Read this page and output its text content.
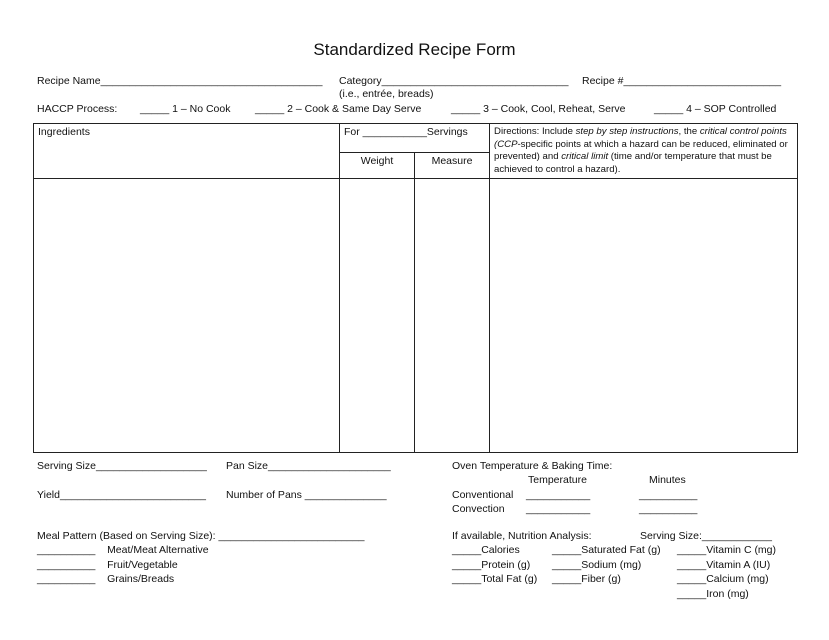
Standardized Recipe Form
Recipe Name______________________________________ Category________________________________
(i.e., entrée, breads)
Recipe #___________________________
HACCP Process: _____ 1 – No Cook _____ 2 – Cook & Same Day Serve	_____ 3 – Cook, Cool, Reheat, Serve	_____ 4 – SOP Controlled
Ingredients	For ___________Servings		Directions: Include step by step instructions, the critical control points (CCP-specific points at which a hazard can be reduced, eliminated or prevented) and critical limit (time and/or temperature that must be achieved to control a hazard).
	Weight	Measure	

Serving Size___________________ Pan Size_____________________
Yield_________________________ Number of Pans ______________
Meal Pattern (Based on Serving Size): _________________________
__________    Meat/Meat Alternative
__________    Fruit/Vegetable
__________    Grains/Breads
Oven Temperature & Baking Time:
Temperature	Minutes
Conventional ___________	__________
Convection ___________	__________
If available, Nutrition Analysis:	Serving Size:____________
_____Calories
_____Protein (g)
_____Total Fat (g)
_____Saturated Fat (g)
_____Sodium (mg)
_____Fiber (g)
_____Vitamin C (mg)
_____Vitamin A (IU)
_____Calcium (mg)
_____Iron (mg)
